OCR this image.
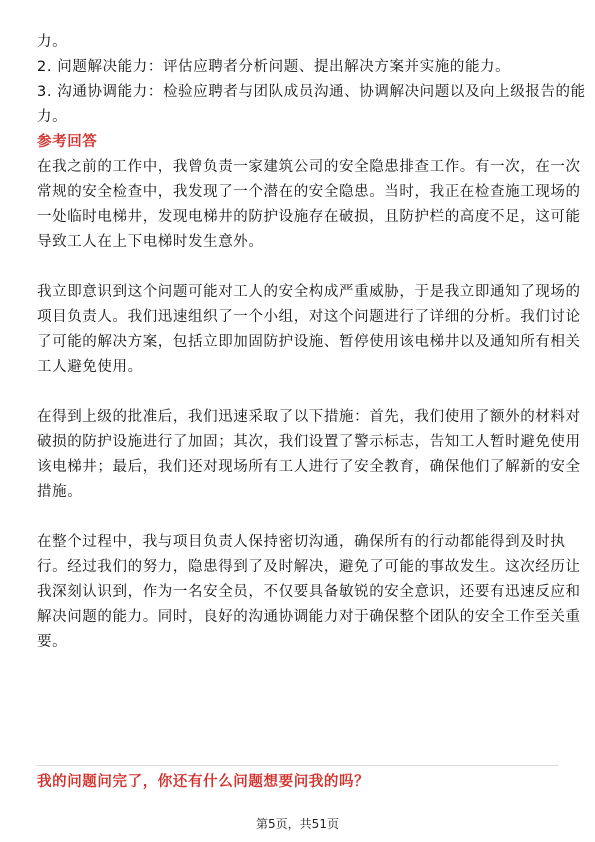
力。
2. 问题解决能力：评估应聘者分析问题、提出解决方案并实施的能力。
3. 沟通协调能力：检验应聘者与团队成员沟通、协调解决问题以及向上级报告的能
力。
参考回答
在我之前的工作中，我曾负责一家建筑公司的安全隐患排查工作。有一次，在一次
常规的安全检查中，我发现了一个潜在的安全隐患。当时，我正在检查施工现场的
一处临时电梯井，发现电梯井的防护设施存在破损，且防护栏的高度不足，这可能
导致工人在上下电梯时发生意外。
我立即意识到这个问题可能对工人的安全构成严重威胁，于是我立即通知了现场的
项目负责人。我们迅速组织了一个小组，对这个问题进行了详细的分析。我们讨论
了可能的解决方案，包括立即加固防护设施、暂停使用该电梯井以及通知所有相关
工人避免使用。
在得到上级的批准后，我们迅速采取了以下措施：首先，我们使用了额外的材料对
破损的防护设施进行了加固；其次，我们设置了警示标志，告知工人暂时避免使用
该电梯井；最后，我们还对现场所有工人进行了安全教育，确保他们了解新的安全
措施。
在整个过程中，我与项目负责人保持密切沟通，确保所有的行动都能得到及时执
行。经过我们的努力，隐患得到了及时解决，避免了可能的事故发生。这次经历让
我深刻认识到，作为一名安全员，不仅要具备敏锐的安全意识，还要有迅速反应和
解决问题的能力。同时，良好的沟通协调能力对于确保整个团队的安全工作至关重
要。
我的问题问完了，你还有什么问题想要问我的吗？
第5页，共51页
